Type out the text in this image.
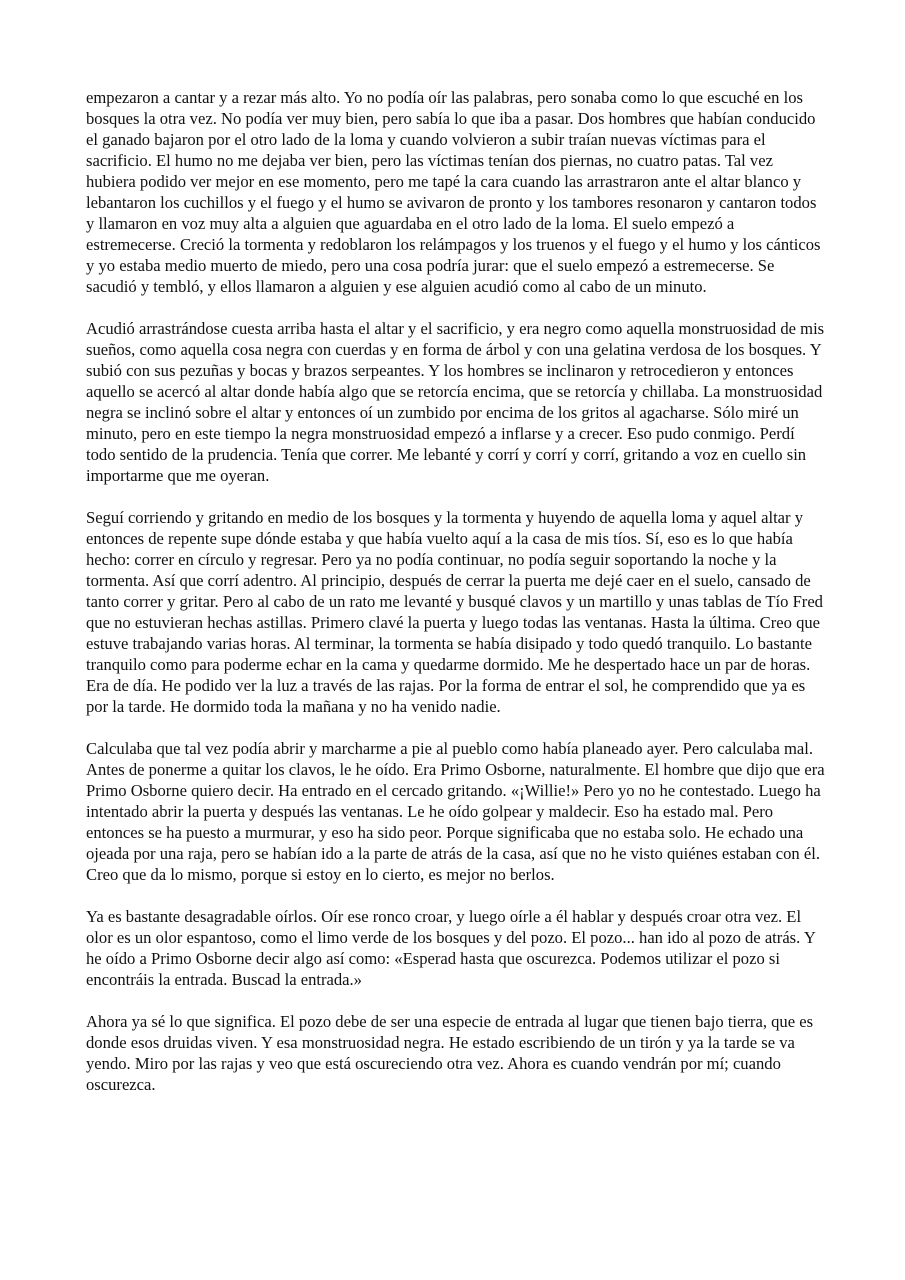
empezaron a cantar y a rezar más alto. Yo no podía oír las palabras, pero sonaba como lo que escuché en los bosques la otra vez. No podía ver muy bien, pero sabía lo que iba a pasar. Dos hombres que habían conducido el ganado bajaron por el otro lado de la loma y cuando volvieron a subir traían nuevas víctimas para el sacrificio. El humo no me dejaba ver bien, pero las víctimas tenían dos piernas, no cuatro patas. Tal vez hubiera podido ver mejor en ese momento, pero me tapé la cara cuando las arrastraron ante el altar blanco y lebantaron los cuchillos y el fuego y el humo se avivaron de pronto y los tambores resonaron y cantaron todos y llamaron en voz muy alta a alguien que aguardaba en el otro lado de la loma. El suelo empezó a estremecerse. Creció la tormenta y redoblaron los relámpagos y los truenos y el fuego y el humo y los cánticos y yo estaba medio muerto de miedo, pero una cosa podría jurar: que el suelo empezó a estremecerse. Se sacudió y tembló, y ellos llamaron a alguien y ese alguien acudió como al cabo de un minuto.

Acudió arrastrándose cuesta arriba hasta el altar y el sacrificio, y era negro como aquella monstruosidad de mis sueños, como aquella cosa negra con cuerdas y en forma de árbol y con una gelatina verdosa de los bosques. Y subió con sus pezuñas y bocas y brazos serpeantes. Y los hombres se inclinaron y retrocedieron y entonces aquello se acercó al altar donde había algo que se retorcía encima, que se retorcía y chillaba. La monstruosidad negra se inclinó sobre el altar y entonces oí un zumbido por encima de los gritos al agacharse. Sólo miré un minuto, pero en este tiempo la negra monstruosidad empezó a inflarse y a crecer. Eso pudo conmigo. Perdí todo sentido de la prudencia. Tenía que correr. Me lebanté y corrí y corrí y corrí, gritando a voz en cuello sin importarme que me oyeran.

Seguí corriendo y gritando en medio de los bosques y la tormenta y huyendo de aquella loma y aquel altar y entonces de repente supe dónde estaba y que había vuelto aquí a la casa de mis tíos. Sí, eso es lo que había hecho: correr en círculo y regresar. Pero ya no podía continuar, no podía seguir soportando la noche y la tormenta. Así que corrí adentro. Al principio, después de cerrar la puerta me dejé caer en el suelo, cansado de tanto correr y gritar. Pero al cabo de un rato me levanté y busqué clavos y un martillo y unas tablas de Tío Fred que no estuvieran hechas astillas. Primero clavé la puerta y luego todas las ventanas. Hasta la última. Creo que estuve trabajando varias horas. Al terminar, la tormenta se había disipado y todo quedó tranquilo. Lo bastante tranquilo como para poderme echar en la cama y quedarme dormido. Me he despertado hace un par de horas. Era de día. He podido ver la luz a través de las rajas. Por la forma de entrar el sol, he comprendido que ya es por la tarde. He dormido toda la mañana y no ha venido nadie.

Calculaba que tal vez podía abrir y marcharme a pie al pueblo como había planeado ayer. Pero calculaba mal. Antes de ponerme a quitar los clavos, le he oído. Era Primo Osborne, naturalmente. El hombre que dijo que era Primo Osborne quiero decir. Ha entrado en el cercado gritando. «¡Willie!» Pero yo no he contestado. Luego ha intentado abrir la puerta y después las ventanas. Le he oído golpear y maldecir. Eso ha estado mal. Pero entonces se ha puesto a murmurar, y eso ha sido peor. Porque significaba que no estaba solo. He echado una ojeada por una raja, pero se habían ido a la parte de atrás de la casa, así que no he visto quiénes estaban con él. Creo que da lo mismo, porque si estoy en lo cierto, es mejor no berlos.

Ya es bastante desagradable oírlos. Oír ese ronco croar, y luego oírle a él hablar y después croar otra vez. El olor es un olor espantoso, como el limo verde de los bosques y del pozo. El pozo... han ido al pozo de atrás. Y he oído a Primo Osborne decir algo así como: «Esperad hasta que oscurezca. Podemos utilizar el pozo si encontráis la entrada. Buscad la entrada.»

Ahora ya sé lo que significa. El pozo debe de ser una especie de entrada al lugar que tienen bajo tierra, que es donde esos druidas viven. Y esa monstruosidad negra. He estado escribiendo de un tirón y ya la tarde se va yendo. Miro por las rajas y veo que está oscureciendo otra vez. Ahora es cuando vendrán por mí; cuando oscurezca.
